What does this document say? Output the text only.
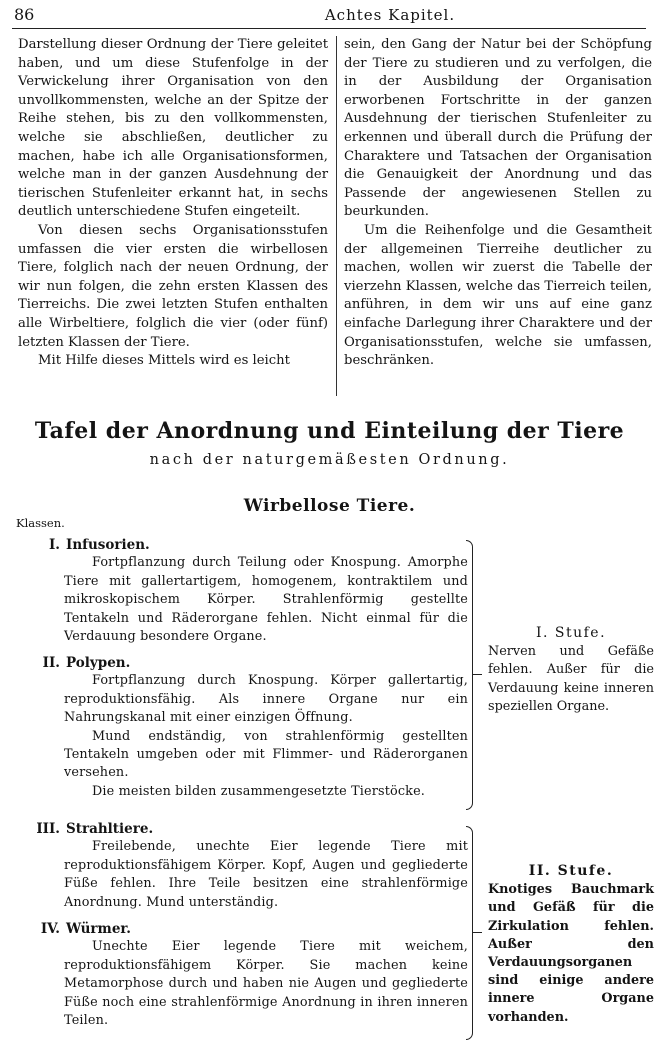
86	Achtes Kapitel.

Darstellung dieser Ordnung der Tiere geleitet haben, und um diese Stufenfolge in der Verwickelung ihrer Organisation von den unvollkommensten, welche an der Spitze der Reihe stehen, bis zu den vollkommensten, welche sie abschließen, deutlicher zu machen, habe ich alle Organisationsformen, welche man in der ganzen Ausdehnung der tierischen Stufenleiter erkannt hat, in sechs deutlich unterschiedene Stufen eingeteilt.

Von diesen sechs Organisationsstufen umfassen die vier ersten die wirbellosen Tiere, folglich nach der neuen Ordnung, der wir nun folgen, die zehn ersten Klassen des Tierreichs. Die zwei letzten Stufen enthalten alle Wirbeltiere, folglich die vier (oder fünf) letzten Klassen der Tiere.

Mit Hilfe dieses Mittels wird es leicht

sein, den Gang der Natur bei der Schöpfung der Tiere zu studieren und zu verfolgen, die in der Ausbildung der Organisation erworbenen Fortschritte in der ganzen Ausdehnung der tierischen Stufenleiter zu erkennen und überall durch die Prüfung der Charaktere und Tatsachen der Organisation die Genauigkeit der Anordnung und das Passende der angewiesenen Stellen zu beurkunden.

Um die Reihenfolge und die Gesamtheit der allgemeinen Tierreihe deutlicher zu machen, wollen wir zuerst die Tabelle der vierzehn Klassen, welche das Tierreich teilen, anführen, in dem wir uns auf eine ganz einfache Darlegung ihrer Charaktere und der Organisationsstufen, welche sie umfassen, beschränken.

Tafel der Anordnung und Einteilung der Tiere
nach der naturgemäßesten Ordnung.
Wirbellose Tiere.
Klassen.
I. Infusorien.

Fortpflanzung durch Teilung oder Knospung. Amorphe Tiere mit gallertartigem, homogenem, kontraktilem und mikroskopischem Körper. Strahlenförmig gestellte Tentakeln und Räderorgane fehlen. Nicht einmal für die Verdauung besondere Organe.

II. Polypen.

Fortpflanzung durch Knospung. Körper gallertartig, reproduktionsfähig. Als innere Organe nur ein Nahrungskanal mit einer einzigen Öffnung.

Mund endständig, von strahlenförmig gestellten Tentakeln umgeben oder mit Flimmer- und Räderorganen versehen.

Die meisten bilden zusammengesetzte Tierstöcke.

III. Strahltiere.

Freilebende, unechte Eier legende Tiere mit reproduktionsfähigem Körper. Kopf, Augen und gegliederte Füße fehlen. Ihre Teile besitzen eine strahlenförmige Anordnung. Mund unterständig.

IV. Würmer.

Unechte Eier legende Tiere mit weichem, reproduktionsfähigem Körper. Sie machen keine Metamorphose durch und haben nie Augen und gegliederte Füße noch eine strahlenförmige Anordnung in ihren inneren Teilen.

I. Stufe.

Nerven und Gefäße fehlen. Außer für die Verdauung keine inneren speziellen Organe.

II. Stufe.

Knotiges Bauchmark und Gefäß für die Zirkulation fehlen. Außer den Verdauungsorganen sind einige andere innere Organe vorhanden.
